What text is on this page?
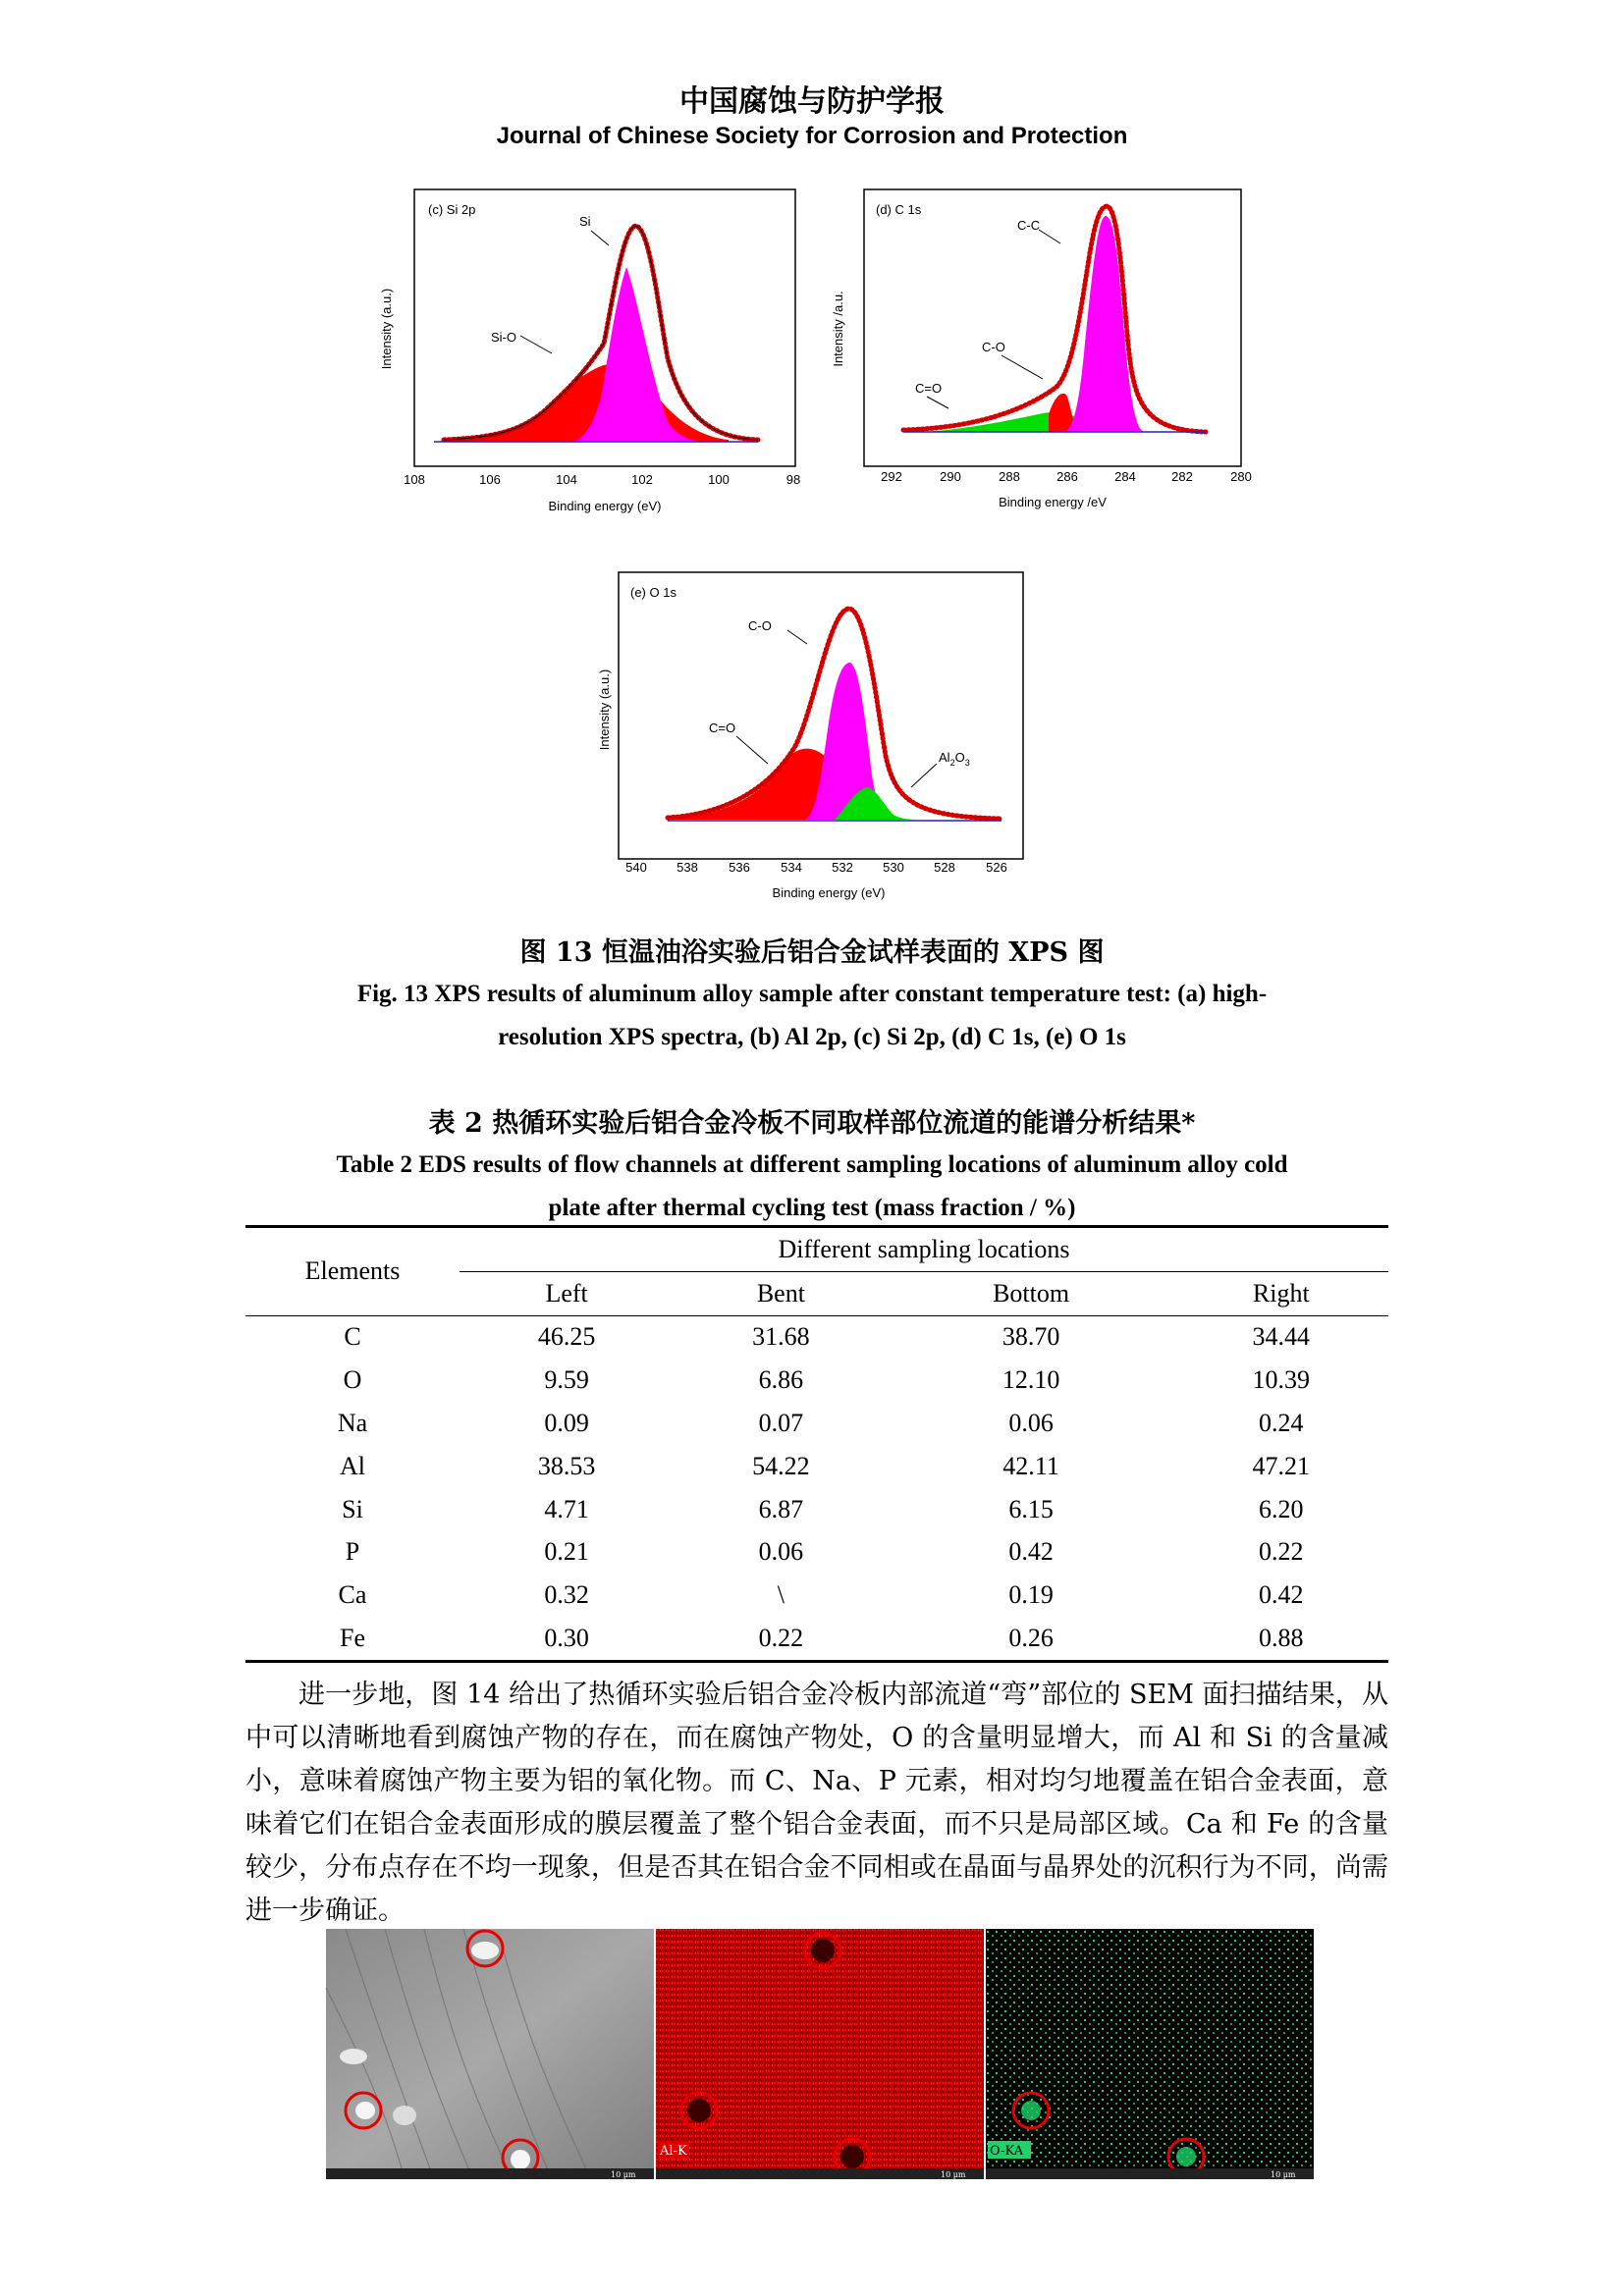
中国腐蚀与防护学报
Journal of Chinese Society for Corrosion and Protection
(c) Si 2p
Si
Si-O
Intensity (a.u.)
108	106	104	102	100	98
Binding energy (eV)
(d) C 1s
C-C
C-O
C=O
Intensity /a.u.
292	290	288	286	284	282	280
Binding energy /eV
(e) O 1s
C-O
C=O
$Al_2O_3$
Intensity (a.u.)
540 538 536 534 532 530 528 526
Binding energy (eV)
图 13 恒温油浴实验后铝合金试样表面的 XPS 图
Fig. 13 XPS results of aluminum alloy sample after constant temperature test: (a) high-
resolution XPS spectra, (b) Al 2p, (c) Si 2p, (d) C 1s, (e) O 1s
表 2 热循环实验后铝合金冷板不同取样部位流道的能谱分析结果*
Table 2 EDS results of flow channels at different sampling locations of aluminum alloy cold
plate after thermal cycling test (mass fraction / %)
Elements	Different sampling locations			
	Left	Bent	Bottom	Right
C	46.25	31.68	38.70	34.44
O	9.59	6.86	12.10	10.39
Na	0.09	0.07	0.06	0.24
Al	38.53	54.22	42.11	47.21
Si	4.71	6.87	6.15	6.20
P	0.21	0.06	0.42	0.22
Ca	0.32	\	0.19	0.42
Fe	0.30	0.22	0.26	0.88
进一步地，图 14 给出了热循环实验后铝合金冷板内部流道“弯”部位的 SEM 面扫描结果，从中可以清晰地看到腐蚀产物的存在，而在腐蚀产物处，O 的含量明显增大，而 Al 和 Si 的含量减小，意味着腐蚀产物主要为铝的氧化物。而 C、Na、P 元素，相对均匀地覆盖在铝合金表面，意味着它们在铝合金表面形成的膜层覆盖了整个铝合金表面，而不只是局部区域。Ca 和 Fe 的含量较少，分布点存在不均一现象，但是否其在铝合金不同相或在晶面与晶界处的沉积行为不同，尚需进一步确证。
10 μm
Al-K
10 μm
O-KA
10 μm
